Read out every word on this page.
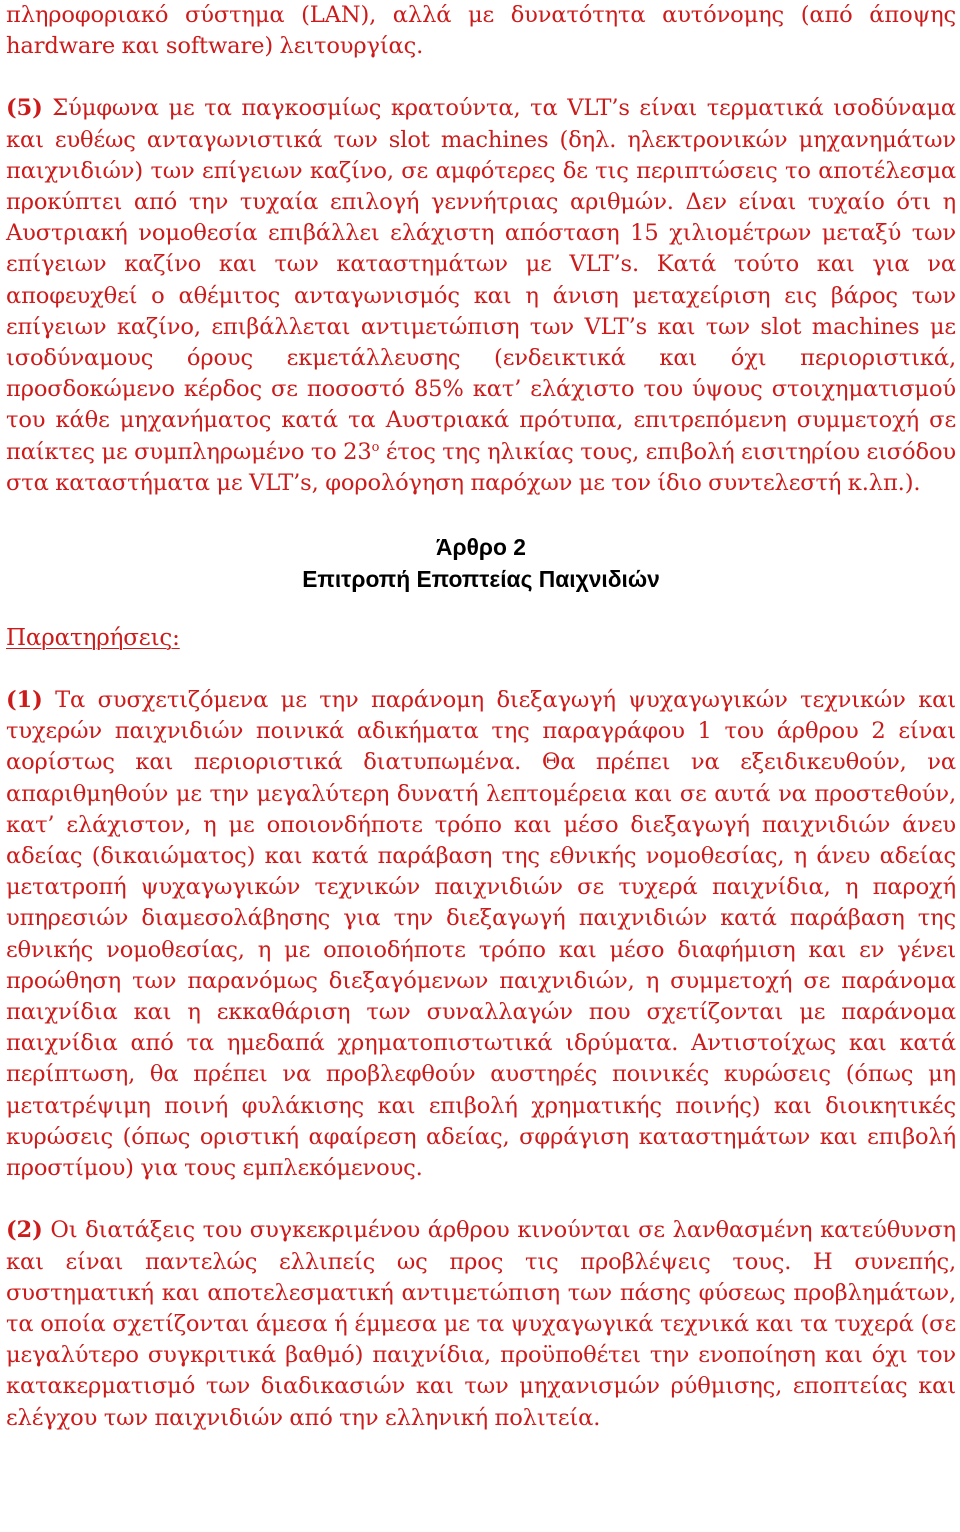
πληροφοριακό σύστημα (LAN), αλλά με δυνατότητα αυτόνομης (από άποψης hardware και software) λειτουργίας.

(5) Σύμφωνα με τα παγκοσμίως κρατούντα, τα VLT’s είναι τερματικά ισοδύναμα και ευθέως ανταγωνιστικά των slot machines (δηλ. ηλεκτρονικών μηχανημάτων παιχνιδιών) των επίγειων καζίνο, σε αμφότερες δε τις περιπτώσεις το αποτέλεσμα προκύπτει από την τυχαία επιλογή γεννήτριας αριθμών. Δεν είναι τυχαίο ότι η Αυστριακή νομοθεσία επιβάλλει ελάχιστη απόσταση 15 χιλιομέτρων μεταξύ των επίγειων καζίνο και των καταστημάτων με VLT’s. Κατά τούτο και για να αποφευχθεί ο αθέμιτος ανταγωνισμός και η άνιση μεταχείριση εις βάρος των επίγειων καζίνο, επιβάλλεται αντιμετώπιση των VLT’s και των slot machines με ισοδύναμους όρους εκμετάλλευσης (ενδεικτικά και όχι περιοριστικά, προσδοκώμενο κέρδος σε ποσοστό 85% κατ’ ελάχιστο του ύψους στοιχηματισμού του κάθε μηχανήματος κατά τα Αυστριακά πρότυπα, επιτρεπόμενη συμμετοχή σε παίκτες με συμπληρωμένο το $23^o$ έτος της ηλικίας τους, επιβολή εισιτηρίου εισόδου στα καταστήματα με VLT’s, φορολόγηση παρόχων με τον ίδιο συντελεστή κ.λπ.).

Άρθρο 2
Επιτροπή Εποπτείας Παιχνιδιών

Παρατηρήσεις:

(1) Τα συσχετιζόμενα με την παράνομη διεξαγωγή ψυχαγωγικών τεχνικών και τυχερών παιχνιδιών ποινικά αδικήματα της παραγράφου 1 του άρθρου 2 είναι αορίστως και περιοριστικά διατυπωμένα. Θα πρέπει να εξειδικευθούν, να απαριθμηθούν με την μεγαλύτερη δυνατή λεπτομέρεια και σε αυτά να προστεθούν, κατ’ ελάχιστον, η με οποιονδήποτε τρόπο και μέσο διεξαγωγή παιχνιδιών άνευ αδείας (δικαιώματος) και κατά παράβαση της εθνικής νομοθεσίας, η άνευ αδείας μετατροπή ψυχαγωγικών τεχνικών παιχνιδιών σε τυχερά παιχνίδια, η παροχή υπηρεσιών διαμεσολάβησης για την διεξαγωγή παιχνιδιών κατά παράβαση της εθνικής νομοθεσίας, η με οποιοδήποτε τρόπο και μέσο διαφήμιση και εν γένει προώθηση των παρανόμως διεξαγόμενων παιχνιδιών, η συμμετοχή σε παράνομα παιχνίδια και η εκκαθάριση των συναλλαγών που σχετίζονται με παράνομα παιχνίδια από τα ημεδαπά χρηματοπιστωτικά ιδρύματα. Αντιστοίχως και κατά περίπτωση, θα πρέπει να προβλεφθούν αυστηρές ποινικές κυρώσεις (όπως μη μετατρέψιμη ποινή φυλάκισης και επιβολή χρηματικής ποινής) και διοικητικές κυρώσεις (όπως οριστική αφαίρεση αδείας, σφράγιση καταστημάτων και επιβολή προστίμου) για τους εμπλεκόμενους.

(2) Οι διατάξεις του συγκεκριμένου άρθρου κινούνται σε λανθασμένη κατεύθυνση και είναι παντελώς ελλιπείς ως προς τις προβλέψεις τους. Η συνεπής, συστηματική και αποτελεσματική αντιμετώπιση των πάσης φύσεως προβλημάτων, τα οποία σχετίζονται άμεσα ή έμμεσα με τα ψυχαγωγικά τεχνικά και τα τυχερά (σε μεγαλύτερο συγκριτικά βαθμό) παιχνίδια, προϋποθέτει την ενοποίηση και όχι τον κατακερματισμό των διαδικασιών και των μηχανισμών ρύθμισης, εποπτείας και ελέγχου των παιχνιδιών από την ελληνική πολιτεία.
